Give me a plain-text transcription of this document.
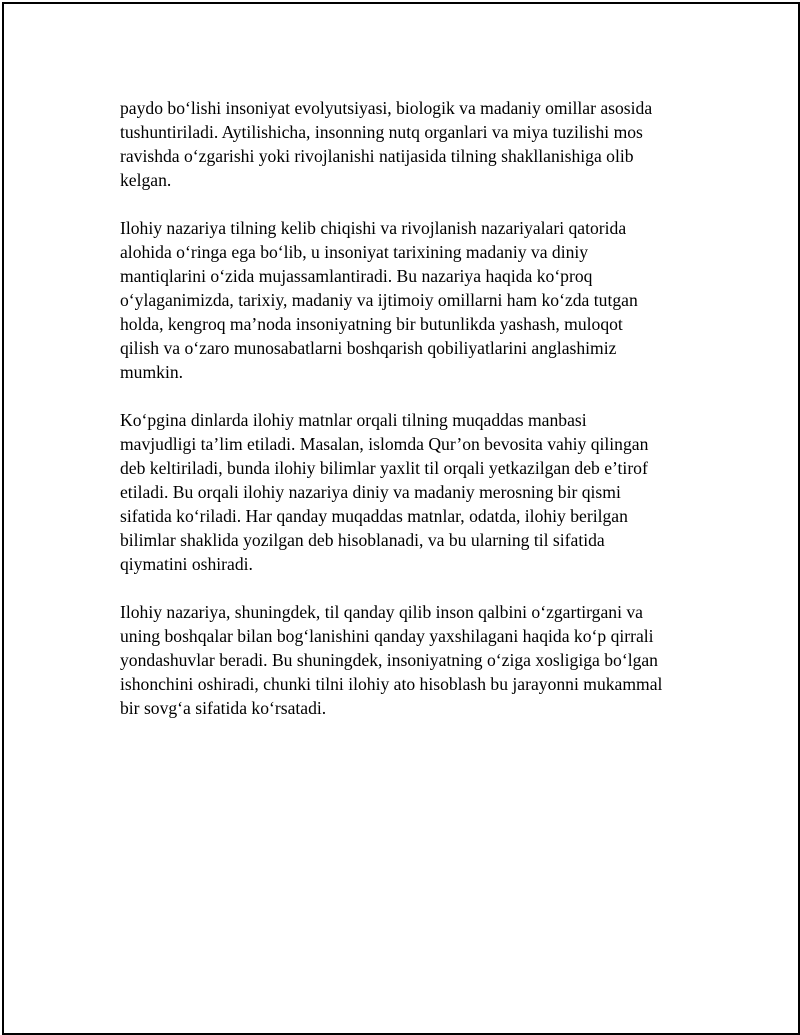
paydo bo‘lishi insoniyat evolyutsiyasi, biologik va madaniy omillar asosida
tushuntiriladi. Aytilishicha, insonning nutq organlari va miya tuzilishi mos
ravishda o‘zgarishi yoki rivojlanishi natijasida tilning shakllanishiga olib
kelgan.

Ilohiy nazariya tilning kelib chiqishi va rivojlanish nazariyalari qatorida
alohida o‘ringa ega bo‘lib, u insoniyat tarixining madaniy va diniy
mantiqlarini o‘zida mujassamlantiradi. Bu nazariya haqida ko‘proq
o‘ylaganimizda, tarixiy, madaniy va ijtimoiy omillarni ham ko‘zda tutgan
holda, kengroq ma’noda insoniyatning bir butunlikda yashash, muloqot
qilish va o‘zaro munosabatlarni boshqarish qobiliyatlarini anglashimiz
mumkin.

Ko‘pgina dinlarda ilohiy matnlar orqali tilning muqaddas manbasi
mavjudligi ta’lim etiladi. Masalan, islomda Qur’on bevosita vahiy qilingan
deb keltiriladi, bunda ilohiy bilimlar yaxlit til orqali yetkazilgan deb e’tirof
etiladi. Bu orqali ilohiy nazariya diniy va madaniy merosning bir qismi
sifatida ko‘riladi. Har qanday muqaddas matnlar, odatda, ilohiy berilgan
bilimlar shaklida yozilgan deb hisoblanadi, va bu ularning til sifatida
qiymatini oshiradi.

Ilohiy nazariya, shuningdek, til qanday qilib inson qalbini o‘zgartirgani va
uning boshqalar bilan bog‘lanishini qanday yaxshilagani haqida ko‘p qirrali
yondashuvlar beradi. Bu shuningdek, insoniyatning o‘ziga xosligiga bo‘lgan
ishonchini oshiradi, chunki tilni ilohiy ato hisoblash bu jarayonni mukammal
bir sovg‘a sifatida ko‘rsatadi.
